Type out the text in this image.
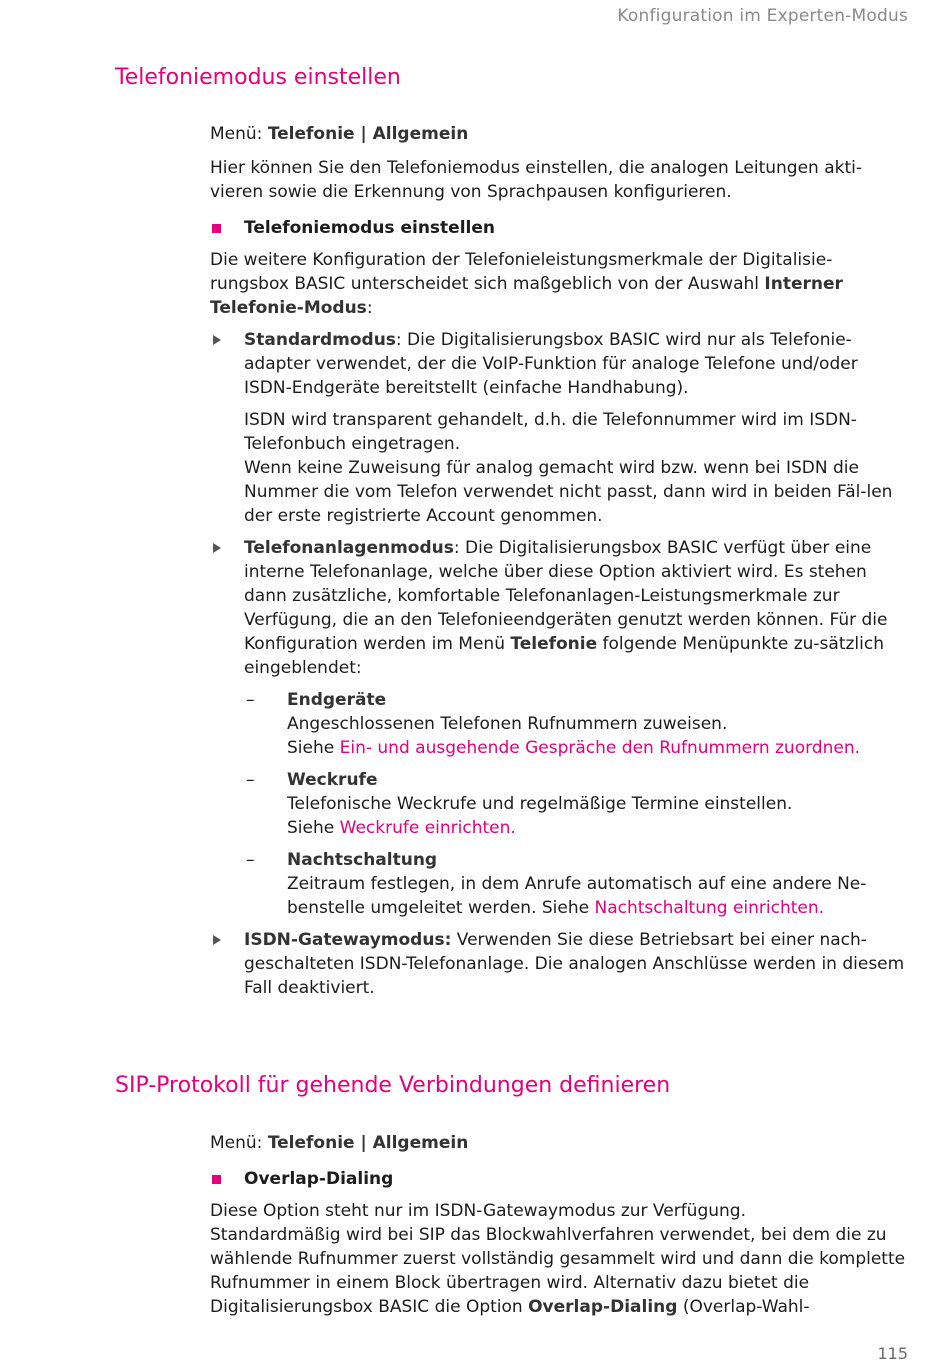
Konfiguration im Experten-Modus
Telefoniemodus einstellen

Menü: Telefonie | Allgemein

Hier können Sie den Telefoniemodus einstellen, die analogen Leitungen akti-vieren sowie die Erkennung von Sprachpausen konfigurieren.

Telefoniemodus einstellen

Die weitere Konfiguration der Telefonieleistungsmerkmale der Digitalisie-rungsbox BASIC unterscheidet sich maßgeblich von der Auswahl Interner Telefonie-Modus:

Standardmodus: Die Digitalisierungsbox BASIC wird nur als Telefonie-adapter verwendet, der die VoIP-Funktion für analoge Telefone und/oder ISDN-Endgeräte bereitstellt (einfache Handhabung).

ISDN wird transparent gehandelt, d.h. die Telefonnummer wird im ISDN-Telefonbuch eingetragen.

Wenn keine Zuweisung für analog gemacht wird bzw. wenn bei ISDN die Nummer die vom Telefon verwendet nicht passt, dann wird in beiden Fäl-len der erste registrierte Account genommen.

Telefonanlagenmodus: Die Digitalisierungsbox BASIC verfügt über eine interne Telefonanlage, welche über diese Option aktiviert wird. Es stehen dann zusätzliche, komfortable Telefonanlagen-Leistungsmerkmale zur Verfügung, die an den Telefonieendgeräten genutzt werden können. Für die Konfiguration werden im Menü Telefonie folgende Menüpunkte zu-sätzlich eingeblendet:

– Endgeräte

Angeschlossenen Telefonen Rufnummern zuweisen.

Siehe Ein- und ausgehende Gespräche den Rufnummern zuordnen.

– Weckrufe

Telefonische Weckrufe und regelmäßige Termine einstellen.

Siehe Weckrufe einrichten.

– Nachtschaltung

Zeitraum festlegen, in dem Anrufe automatisch auf eine andere Ne-benstelle umgeleitet werden. Siehe Nachtschaltung einrichten.

ISDN-Gatewaymodus: Verwenden Sie diese Betriebsart bei einer nach-geschalteten ISDN-Telefonanlage. Die analogen Anschlüsse werden in diesem Fall deaktiviert.

SIP-Protokoll für gehende Verbindungen definieren

Menü: Telefonie | Allgemein

Overlap-Dialing

Diese Option steht nur im ISDN-Gatewaymodus zur Verfügung.

Standardmäßig wird bei SIP das Blockwahlverfahren verwendet, bei dem die zu wählende Rufnummer zuerst vollständig gesammelt wird und dann die komplette Rufnummer in einem Block übertragen wird. Alternativ dazu bietet die Digitalisierungsbox BASIC die Option Overlap-Dialing (Overlap-Wahl-

115
